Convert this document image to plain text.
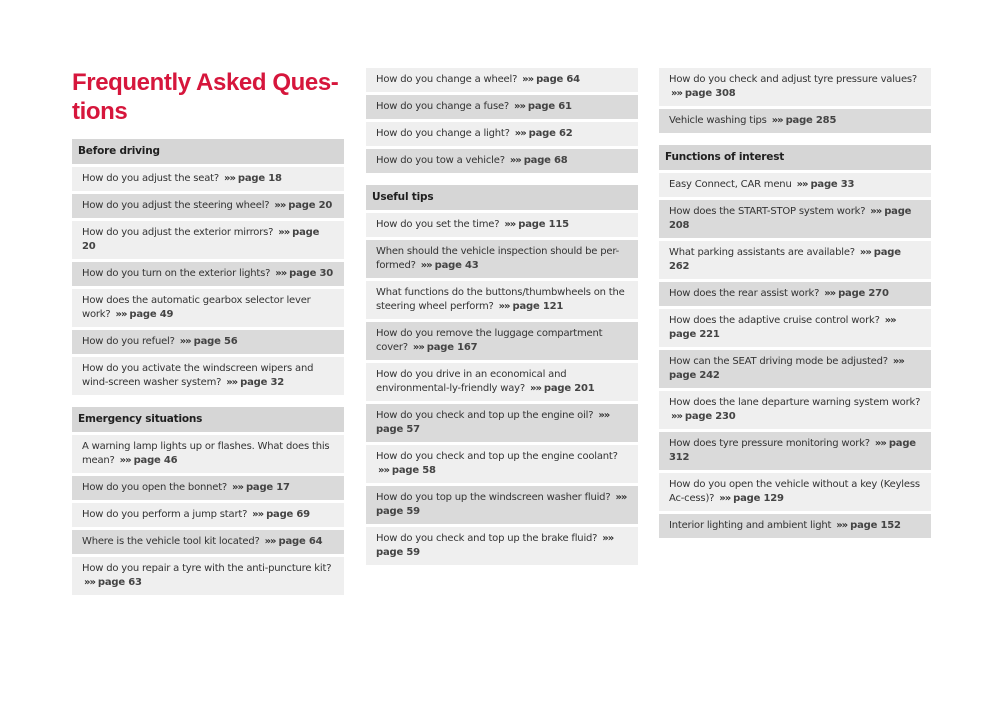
Frequently Asked Ques-
tions
Before driving
How do you adjust the seat? »» page 18
How do you adjust the steering wheel? »» page 20
How do you adjust the exterior mirrors? »» page 20
How do you turn on the exterior lights? »» page 30
How does the automatic gearbox selector lever work? »» page 49
How do you refuel? »» page 56
How do you activate the windscreen wipers and wind-screen washer system? »» page 32
Emergency situations
A warning lamp lights up or flashes. What does this mean? »» page 46
How do you open the bonnet? »» page 17
How do you perform a jump start? »» page 69
Where is the vehicle tool kit located? »» page 64
How do you repair a tyre with the anti-puncture kit? »» page 63
How do you change a wheel? »» page 64
How do you change a fuse? »» page 61
How do you change a light? »» page 62
How do you tow a vehicle? »» page 68
Useful tips
How do you set the time? »» page 115
When should the vehicle inspection should be per-formed? »» page 43
What functions do the buttons/thumbwheels on the steering wheel perform? »» page 121
How do you remove the luggage compartment cover? »» page 167
How do you drive in an economical and environmental-ly-friendly way? »» page 201
How do you check and top up the engine oil? »» page 57
How do you check and top up the engine coolant? »» page 58
How do you top up the windscreen washer fluid? »» page 59
How do you check and top up the brake fluid? »» page 59
How do you check and adjust tyre pressure values? »» page 308
Vehicle washing tips »» page 285
Functions of interest
Easy Connect, CAR menu »» page 33
How does the START-STOP system work? »» page 208
What parking assistants are available? »» page 262
How does the rear assist work? »» page 270
How does the adaptive cruise control work? »» page 221
How can the SEAT driving mode be adjusted? »» page 242
How does the lane departure warning system work? »» page 230
How does tyre pressure monitoring work? »» page 312
How do you open the vehicle without a key (Keyless Ac-cess)? »» page 129
Interior lighting and ambient light »» page 152
